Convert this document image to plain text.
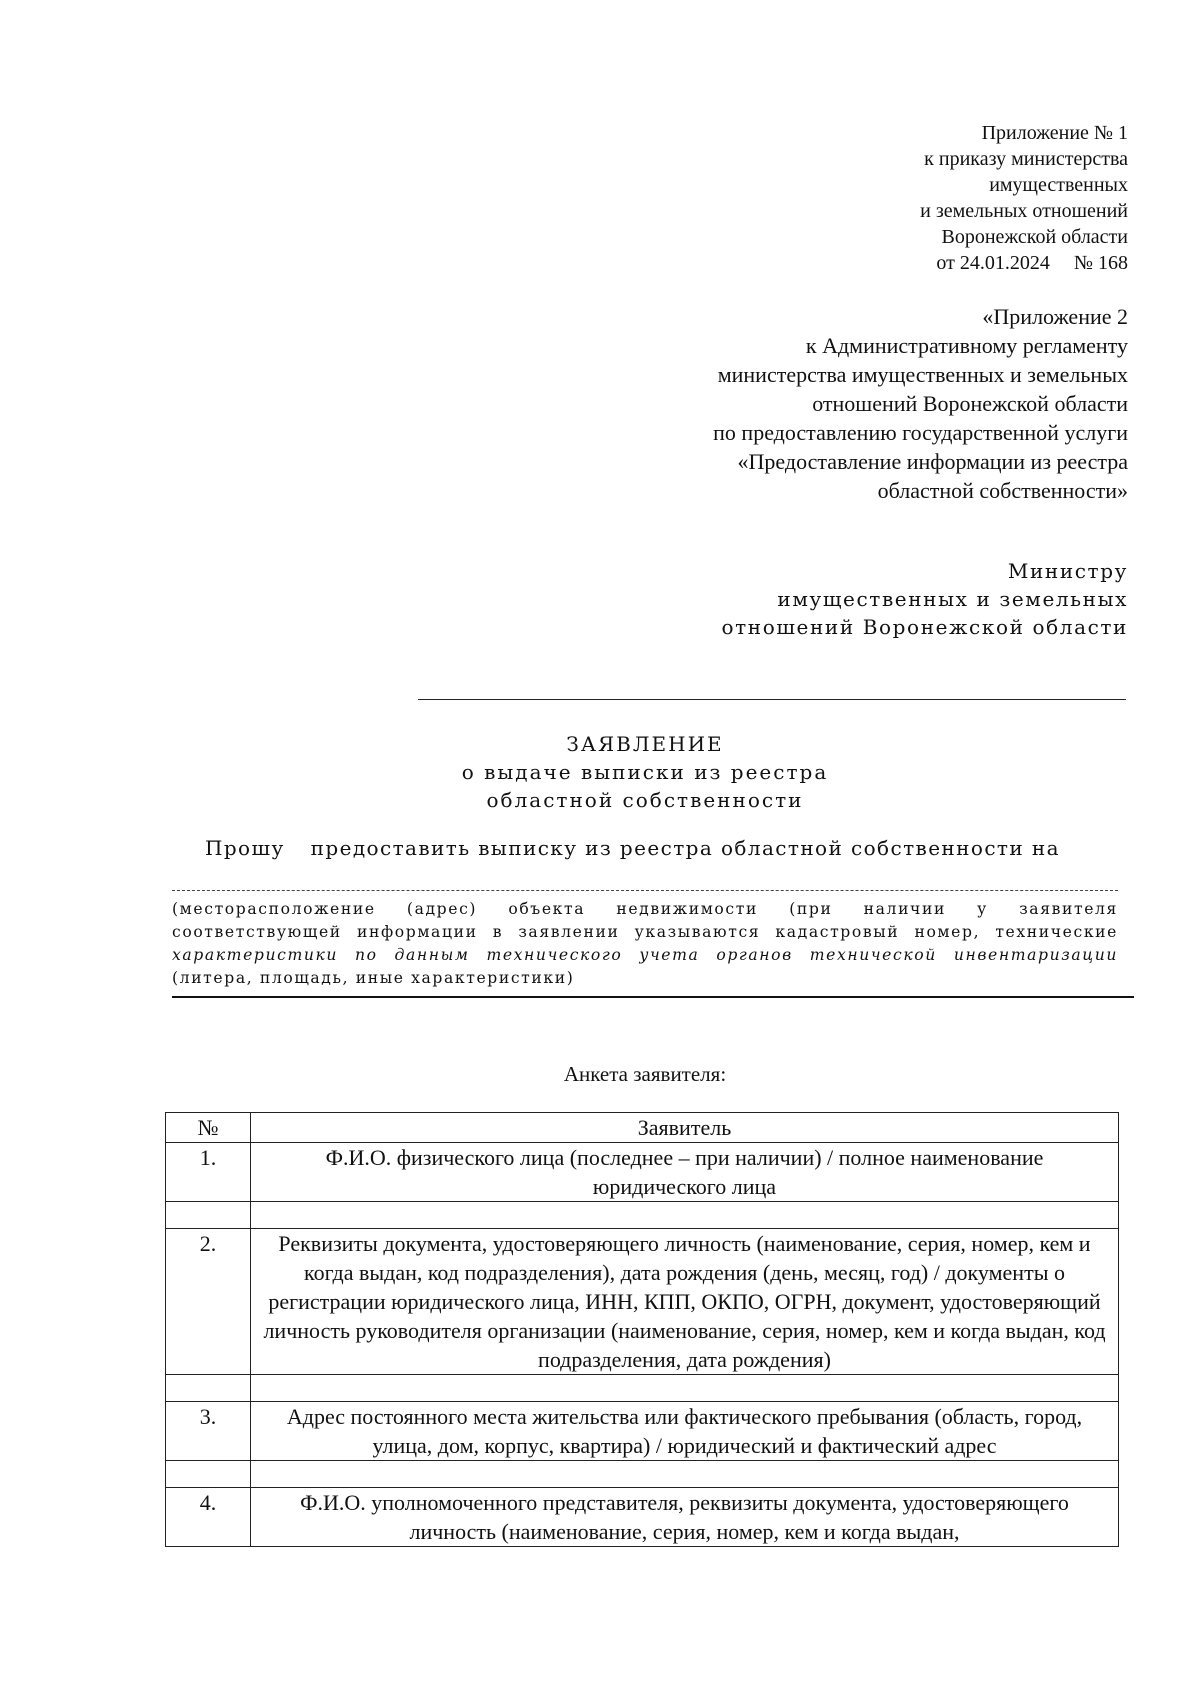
Приложение № 1
к приказу министерства
имущественных
и земельных отношений
Воронежской области
от 24.01.2024 № 168
«Приложение 2
к Административному регламенту
министерства имущественных и земельных
отношений Воронежской области
по предоставлению государственной услуги
«Предоставление информации из реестра
областной собственности»
Министру
имущественных и земельных
отношений Воронежской области
ЗАЯВЛЕНИЕ
о выдаче выписки из реестра
областной собственности
Прошу предоставить выписку из реестра областной собственности на
(месторасположение (адрес) объекта недвижимости (при наличии у заявителя соответствующей информации в заявлении указываются кадастровый номер, технические характеристики по данным технического учета органов технической инвентаризации (литера, площадь, иные характеристики)
Анкета заявителя:
№	Заявитель
1.	Ф.И.О. физического лица (последнее – при наличии) / полное наименование юридического лица

2.	Реквизиты документа, удостоверяющего личность (наименование, серия, номер, кем и когда выдан, код подразделения), дата рождения (день, месяц, год) / документы о регистрации юридического лица, ИНН, КПП, ОКПО, ОГРН, документ, удостоверяющий личность руководителя организации (наименование, серия, номер, кем и когда выдан, код подразделения, дата рождения)

3.	Адрес постоянного места жительства или фактического пребывания (область, город, улица, дом, корпус, квартира) / юридический и фактический адрес

4.	Ф.И.О. уполномоченного представителя, реквизиты документа, удостоверяющего личность (наименование, серия, номер, кем и когда выдан,
